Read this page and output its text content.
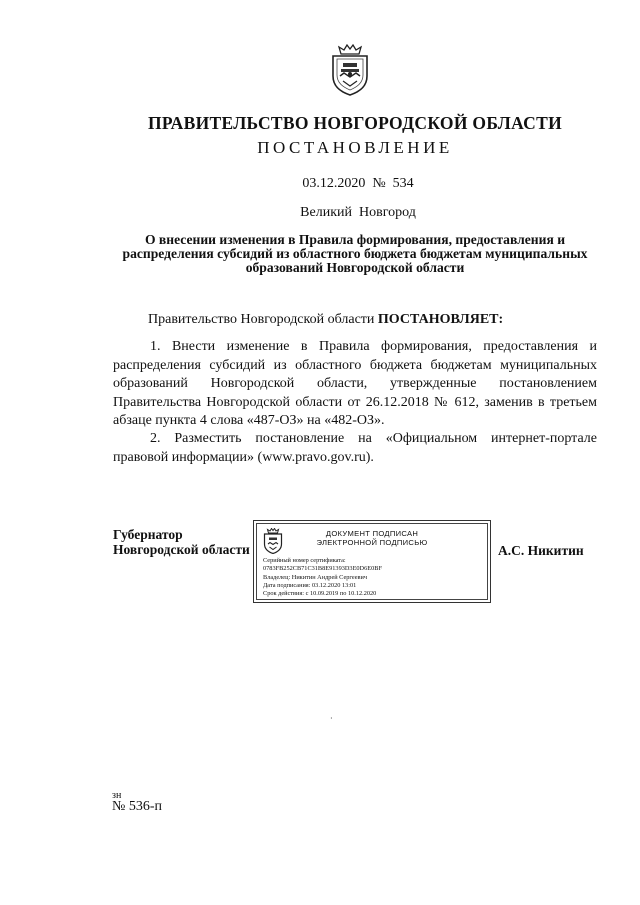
ПРАВИТЕЛЬСТВО НОВГОРОДСКОЙ ОБЛАСТИ
ПОСТАНОВЛЕНИЕ
03.12.2020  №  534
Великий  Новгород
О внесении изменения в Правила формирования, предоставления и распределения субсидий из областного бюджета бюджетам муниципальных образований Новгородской области
Правительство Новгородской области ПОСТАНОВЛЯЕТ:
1. Внести изменение в Правила формирования, предоставления и распределения субсидий из областного бюджета бюджетам муниципальных образований Новгородской области, утвержденные постановлением Правительства Новгородской области от 26.12.2018 № 612, заменив в третьем абзаце пункта 4 слова «487-ОЗ» на «482-ОЗ».
2. Разместить постановление на «Официальном интернет-портале правовой информации» (www.pravo.gov.ru).
Губернатор
Новгородской области
ДОКУМЕНТ ПОДПИСАН
ЭЛЕКТРОННОЙ ПОДПИСЬЮ
Серийный номер сертификата:
0783FB252CB71C31B8E91393D3E0D6E0BF
Владелец: Никитин Андрей Сергеевич
Дата подписания: 03.12.2020 13:01
Срок действия: с 10.09.2019 по 10.12.2020
А.С. Никитин
·
зн
№ 536-п
